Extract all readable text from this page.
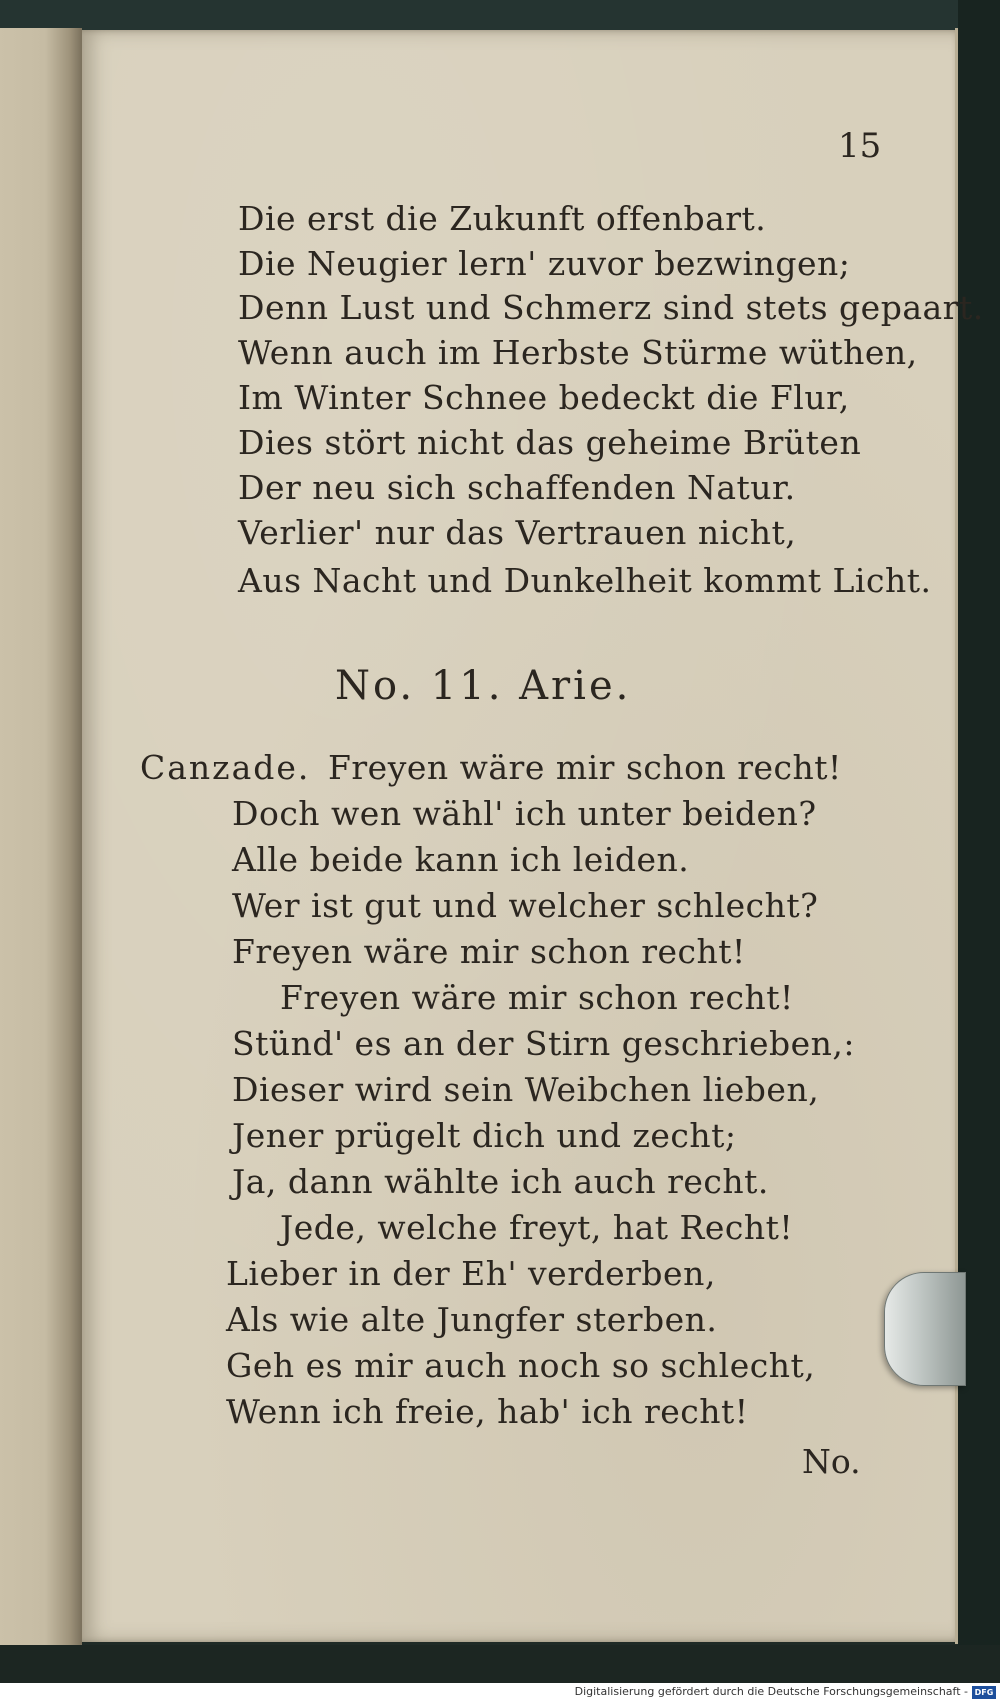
15
Die erst die Zukunft offenbart.
Die Neugier lern' zuvor bezwingen;
Denn Lust und Schmerz sind stets gepaart.
Wenn auch im Herbste Stürme wüthen,
Im Winter Schnee bedeckt die Flur,
Dies stört nicht das geheime Brüten
Der neu sich schaffenden Natur.
Verlier' nur das Vertrauen nicht,
Aus Nacht und Dunkelheit kommt Licht.
No. 11. Arie.
Canzade. Freyen wäre mir schon recht!
Doch wen wähl' ich unter beiden?
Alle beide kann ich leiden.
Wer ist gut und welcher schlecht?
Freyen wäre mir schon recht!
Freyen wäre mir schon recht!
Stünd' es an der Stirn geschrieben,:
Dieser wird sein Weibchen lieben,
Jener prügelt dich und zecht;
Ja, dann wählte ich auch recht.
Jede, welche freyt, hat Recht!
Lieber in der Eh' verderben,
Als wie alte Jungfer sterben.
Geh es mir auch noch so schlecht,
Wenn ich freie, hab' ich recht!
No.
Digitalisierung gefördert durch die Deutsche Forschungsgemeinschaft - DFG
